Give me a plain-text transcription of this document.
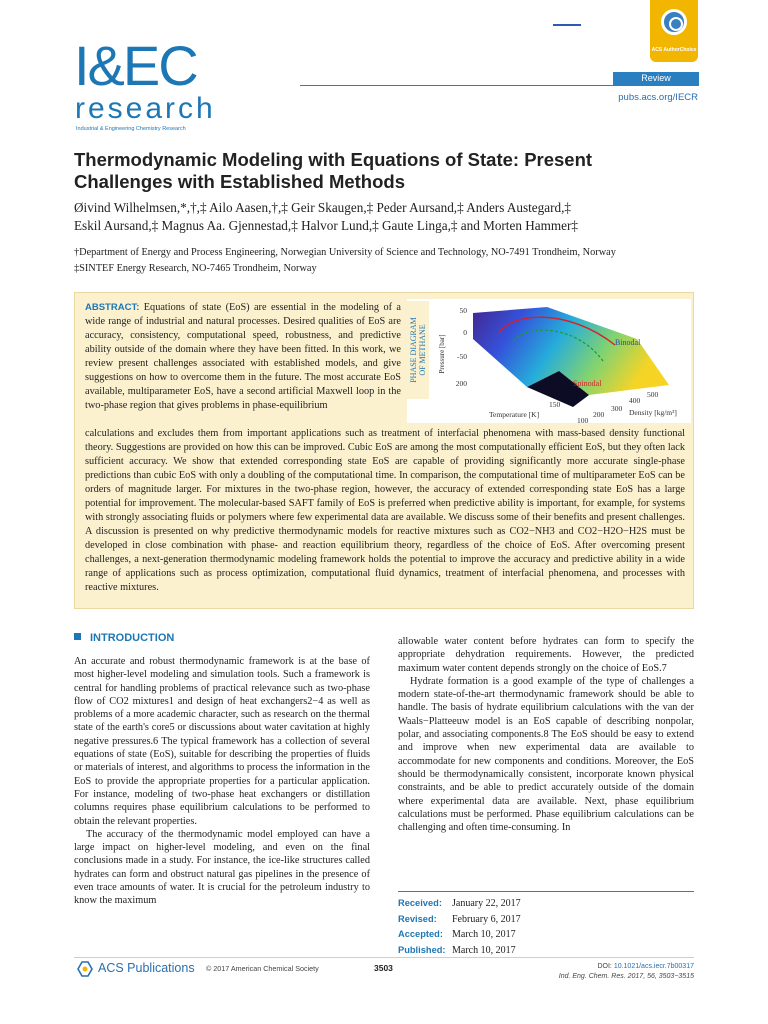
ACS AuthorChoice
I&EC
research
Industrial & Engineering Chemistry Research
Review
pubs.acs.org/IECR
Thermodynamic Modeling with Equations of State: Present Challenges with Established Methods
Øivind Wilhelmsen,*,†,‡ Ailo Aasen,†,‡ Geir Skaugen,‡ Peder Aursand,‡ Anders Austegard,‡
Eskil Aursand,‡ Magnus Aa. Gjennestad,‡ Halvor Lund,‡ Gaute Linga,‡ and Morten Hammer‡
†Department of Energy and Process Engineering, Norwegian University of Science and Technology, NO-7491 Trondheim, Norway
‡SINTEF Energy Research, NO-7465 Trondheim, Norway
ABSTRACT: Equations of state (EoS) are essential in the modeling of a wide range of industrial and natural processes. Desired qualities of EoS are accuracy, consistency, computational speed, robustness, and predictive ability outside of the domain where they have been fitted. In this work, we review present challenges associated with established models, and give suggestions on how to overcome them in the future. The most accurate EoS available, multiparameter EoS, have a second artificial Maxwell loop in the two-phase region that gives problems in phase-equilibrium
PHASE DIAGRAM OF METHANE Pressure [bar]
50
0
-50
200
Binodal
Spinodal
150
100
200
300
400
500
Temperature [K]	Density [kg/m³]
calculations and excludes them from important applications such as treatment of interfacial phenomena with mass-based density functional theory. Suggestions are provided on how this can be improved. Cubic EoS are among the most computationally efficient EoS, but they often lack sufficient accuracy. We show that extended corresponding state EoS are capable of providing significantly more accurate single-phase predictions than cubic EoS with only a doubling of the computational time. In comparison, the computational time of multiparameter EoS can be orders of magnitude larger. For mixtures in the two-phase region, however, the accuracy of extended corresponding state EoS has a large potential for improvement. The molecular-based SAFT family of EoS is preferred when predictive ability is important, for example, for systems with strongly associating fluids or polymers where few experimental data are available. We discuss some of their benefits and present challenges. A discussion is presented on why predictive thermodynamic models for reactive mixtures such as CO2−NH3 and CO2−H2O−H2S must be developed in close combination with phase- and reaction equilibrium theory, regardless of the choice of EoS. After overcoming present challenges, a next-generation thermodynamic modeling framework holds the potential to improve the accuracy and predictive ability in a wide range of applications such as process optimization, computational fluid dynamics, treatment of interfacial phenomena, and processes with reactive mixtures.
INTRODUCTION

An accurate and robust thermodynamic framework is at the base of most higher-level modeling and simulation tools. Such a framework is central for handling problems of practical relevance such as two-phase flow of CO2 mixtures1 and design of heat exchangers2−4 as well as problems of a more academic character, such as research on the thermal state of the earth's core5 or discussions about water cavitation at highly negative pressures.6 The typical framework has a collection of several equations of state (EoS), suitable for describing the properties of fluids or materials of interest, and algorithms to process the information in the EoS to provide the appropriate properties for a particular application. For instance, modeling of two-phase heat exchangers or distillation columns requires phase equilibrium calculations to be performed to obtain the relevant properties.

The accuracy of the thermodynamic model employed can have a large impact on higher-level modeling, and even on the final conclusions made in a study. For instance, the ice-like structures called hydrates can form and obstruct natural gas pipelines in the presence of even trace amounts of water. It is crucial for the petroleum industry to know the maximum

allowable water content before hydrates can form to specify the appropriate dehydration requirements. However, the predicted maximum water content depends strongly on the choice of EoS.7

Hydrate formation is a good example of the type of challenges a modern state-of-the-art thermodynamic framework should be able to handle. The basis of hydrate equilibrium calculations with the van der Waals−Platteeuw model is an EoS capable of describing nonpolar, polar, and associating components.8 The EoS should be easy to extend and improve when new experimental data are available to accommodate for new components and conditions. Moreover, the EoS should be thermodynamically consistent, incorporate known physical constraints, and be able to predict accurately outside of the domain where experimental data are available. Next, phase equilibrium calculations must be performed. Phase equilibrium calculations can be challenging and often time-consuming. In

Received: January 22, 2017
Revised: February 6, 2017
Accepted: March 10, 2017
Published: March 10, 2017
ACS Publications © 2017 American Chemical Society	3503	DOI: 10.1021/acs.iecr.7b00317
Ind. Eng. Chem. Res. 2017, 56, 3503−3515
